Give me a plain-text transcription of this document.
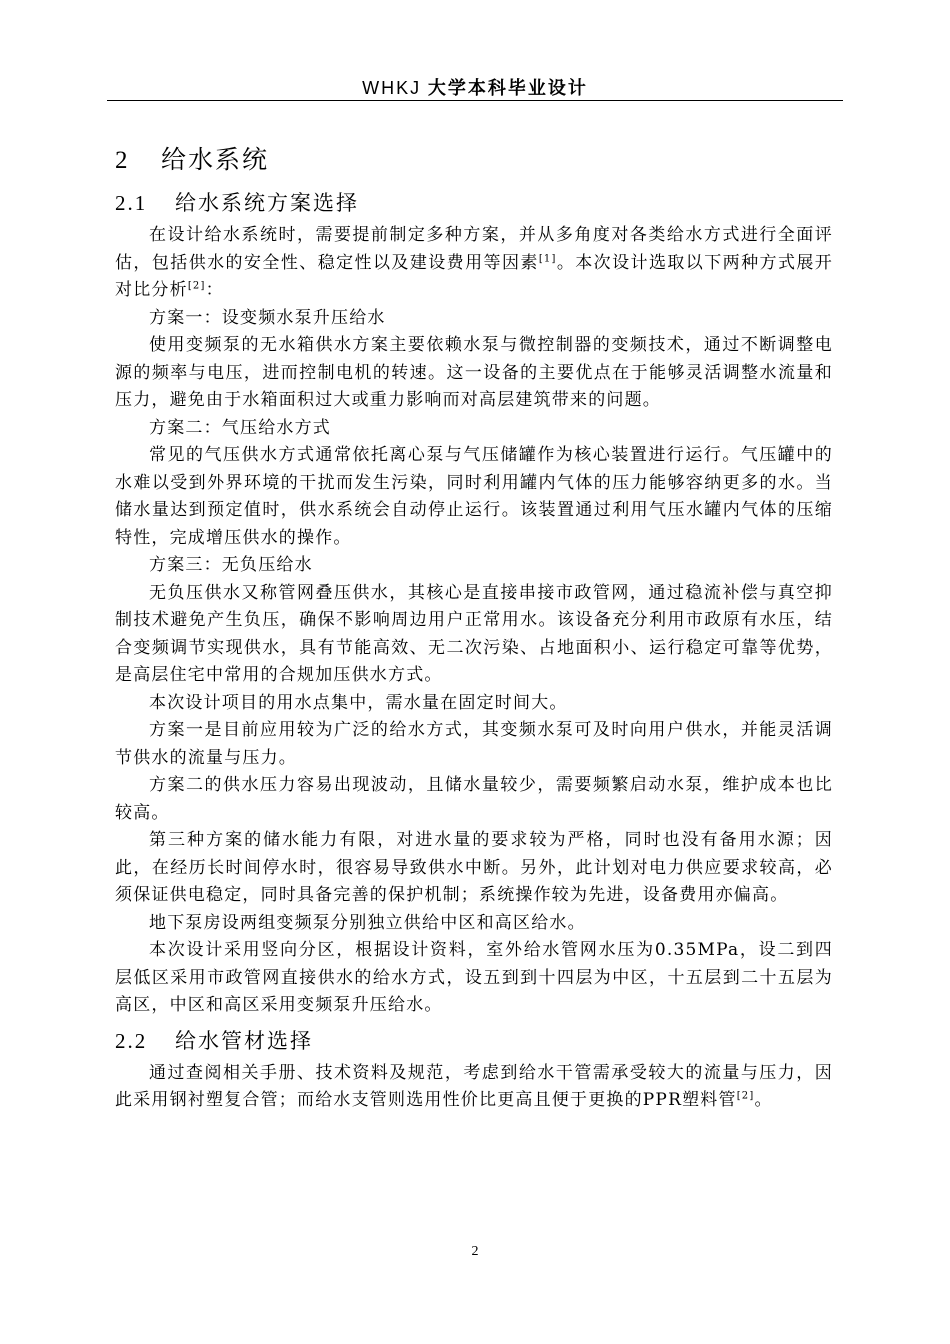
WHKJ 大学本科毕业设计
2 给水系统
2.1 给水系统方案选择

在设计给水系统时，需要提前制定多种方案，并从多角度对各类给水方式进行全面评估，包括供水的安全性、稳定性以及建设费用等因素[1]。本次设计选取以下两种方式展开对比分析[2]：

方案一：设变频水泵升压给水

使用变频泵的无水箱供水方案主要依赖水泵与微控制器的变频技术，通过不断调整电源的频率与电压，进而控制电机的转速。这一设备的主要优点在于能够灵活调整水流量和压力，避免由于水箱面积过大或重力影响而对高层建筑带来的问题。

方案二：气压给水方式

常见的气压供水方式通常依托离心泵与气压储罐作为核心装置进行运行。气压罐中的水难以受到外界环境的干扰而发生污染，同时利用罐内气体的压力能够容纳更多的水。当储水量达到预定值时，供水系统会自动停止运行。该装置通过利用气压水罐内气体的压缩特性，完成增压供水的操作。

方案三：无负压给水

无负压供水又称管网叠压供水，其核心是直接串接市政管网，通过稳流补偿与真空抑制技术避免产生负压，确保不影响周边用户正常用水。该设备充分利用市政原有水压，结合变频调节实现供水，具有节能高效、无二次污染、占地面积小、运行稳定可靠等优势，是高层住宅中常用的合规加压供水方式。

本次设计项目的用水点集中，需水量在固定时间大。

方案一是目前应用较为广泛的给水方式，其变频水泵可及时向用户供水，并能灵活调节供水的流量与压力。

方案二的供水压力容易出现波动，且储水量较少，需要频繁启动水泵，维护成本也比较高。

第三种方案的储水能力有限，对进水量的要求较为严格，同时也没有备用水源；因此，在经历长时间停水时，很容易导致供水中断。另外，此计划对电力供应要求较高，必须保证供电稳定，同时具备完善的保护机制；系统操作较为先进，设备费用亦偏高。

地下泵房设两组变频泵分别独立供给中区和高区给水。

本次设计采用竖向分区，根据设计资料，室外给水管网水压为0.35MPa，设二到四层低区采用市政管网直接供水的给水方式，设五到到十四层为中区，十五层到二十五层为高区，中区和高区采用变频泵升压给水。

2.2 给水管材选择

通过查阅相关手册、技术资料及规范，考虑到给水干管需承受较大的流量与压力，因此采用钢衬塑复合管；而给水支管则选用性价比更高且便于更换的PPR塑料管[2]。

2
